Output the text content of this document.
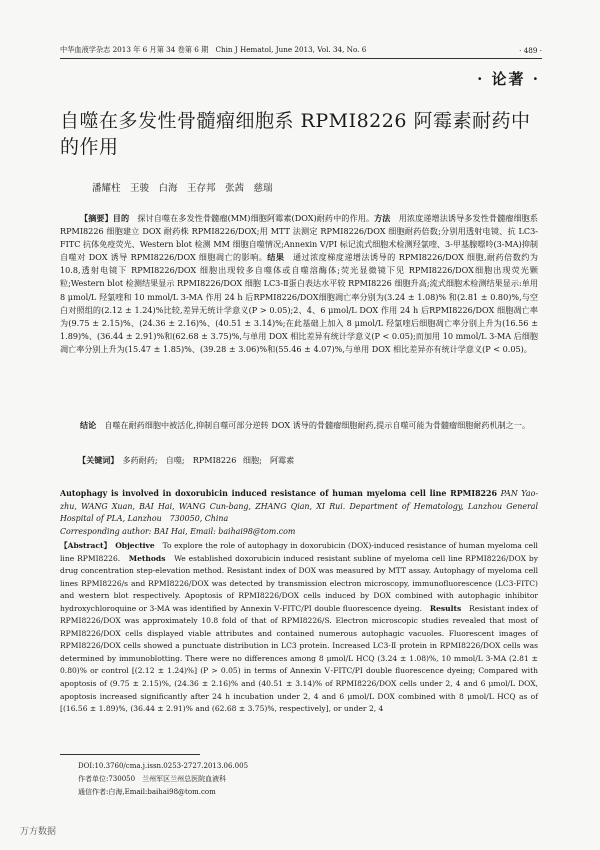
中华血液学杂志 2013 年 6 月第 34 卷第 6 期　Chin J Hematol, June 2013, Vol. 34, No. 6	· 489 ·
· 论著 ·
自噬在多发性骨髓瘤细胞系 RPMI8226 阿霉素耐药中的作用
潘耀柱　王骏　白海　王存邦　张茜　慈瑞
【摘要】目的　 探讨自噬在多发性骨髓瘤(MM)细胞阿霉素(DOX)耐药中的作用。方法　 用浓度递增法诱导多发性骨髓瘤细胞系 RPMI8226 细胞建立 DOX 耐药株 RPMI8226/DOX;用 MTT 法测定 RPMI8226/DOX 细胞耐药倍数;分别用透射电镜、抗 LC3-FITC 抗体免疫荧光、Western blot 检测 MM 细胞自噬情况;Annexin Ⅴ/PI 标记流式细胞术检测羟氯喹、3-甲基腺嘌呤(3-MA)抑制自噬对 DOX 诱导 RPMI8226/DOX 细胞凋亡的影响。结果　 通过浓度梯度递增法诱导的 RPMI8226/DOX 细胞,耐药倍数约为 10.8,透射电镜下 RPMI8226/DOX 细胞出现较多自噬体或自噬溶酶体;荧光显微镜下见 RPMI8226/DOX细胞出现荧光颗粒;Western blot 检测结果显示 RPMI8226/DOX 细胞 LC3-Ⅱ蛋白表达水平较 RPMI8226 细胞升高;流式细胞术检测结果显示:单用 8 μmol/L 羟氯喹和 10 mmol/L 3-MA 作用 24 h 后RPMI8226/DOX细胞凋亡率分别为(3.24 ± 1.08)% 和(2.81 ± 0.80)%,与空白对照组的(2.12 ± 1.24)%比较,差异无统计学意义(P > 0.05);2、4、6 μmol/L DOX 作用 24 h 后RPMI8226/DOX 细胞凋亡率为(9.75 ± 2.15)%、(24.36 ± 2.16)%、(40.51 ± 3.14)%;在此基础上加入 8 μmol/L 羟氯喹后细胞凋亡率分别上升为(16.56 ± 1.89)%、(36.44 ± 2.91)%和(62.68 ± 3.75)%,与单用 DOX 相比差异有统计学意义(P < 0.05);而加用 10 mmol/L 3-MA 后细胞凋亡率分别上升为(15.47 ± 1.85)%、(39.28 ± 3.06)%和(55.46 ± 4.07)%,与单用 DOX 相比差异亦有统计学意义(P < 0.05)。
结论　 自噬在耐药细胞中被活化,抑制自噬可部分逆转 DOX 诱导的骨髓瘤细胞耐药,提示自噬可能为骨髓瘤细胞耐药机制之一。
【关键词】　 多药耐药;　自噬;　RPMI8226 细胞;　阿霉素
Autophagy is involved in doxorubicin induced resistance of human myeloma cell line RPMI8226 PAN Yao-zhu, WANG Xuan, BAI Hai, WANG Cun-bang, ZHANG Qian, XI Rui. Department of Hematology, Lanzhou General Hospital of PLA, Lanzhou　730050, China
Corresponding author: BAI Hai, Email: baihai98@tom.com
【Abstract】　 Objective　 To explore the role of autophagy in doxorubicin (DOX)-induced resistance of human myeloma cell line RPMI8226.　 Methods　 We established doxorubicin induced resistant subline of myeloma cell line RPMI8226/DOX by drug concentration step-elevation method. Resistant index of DOX was measured by MTT assay. Autophagy of myeloma cell lines RPMI8226/s and RPMI8226/DOX was detected by transmission electron microscopy, immunofluorescence (LC3-FITC) and western blot respectively. Apoptosis of RPMI8226/DOX cells induced by DOX combined with autophagic inhibitor hydroxychloroquine or 3-MA was identified by Annexin Ⅴ-FITC/PI double fluorescence dyeing.　 Results　 Resistant index of RPMI8226/DOX was approximately 10.8 fold of that of RPMI8226/S. Electron microscopic studies revealed that most of RPMI8226/DOX cells displayed viable attributes and contained numerous autophagic vacuoles. Fluorescent images of RPMI8226/DOX cells showed a punctuate distribution in LC3 protein. Increased LC3-Ⅱ protein in RPMI8226/DOX cells was determined by immunoblotting. There were no differences among 8 μmol/L HCQ (3.24 ± 1.08)%, 10 mmol/L 3-MA (2.81 ± 0.80)% or control [(2.12 ± 1.24)%] (P > 0.05) in terms of Annexin Ⅴ-FITC/PI double fluorescence dyeing; Compared with apoptosis of (9.75 ± 2.15)%, (24.36 ± 2.16)% and (40.51 ± 3.14)% of RPMI8226/DOX cells under 2, 4 and 6 μmol/L DOX, apoptosis increased significantly after 24 h incubation under 2, 4 and 6 μmol/L DOX combined with 8 μmol/L HCQ as of [(16.56 ± 1.89)%, (36.44 ± 2.91)% and (62.68 ± 3.75)%, respectively], or under 2, 4
DOI:10.3760/cma.j.issn.0253-2727.2013.06.005
作者单位:730050　兰州军区兰州总医院血液科
通信作者:白海,Email:baihai98@tom.com
万方数据
